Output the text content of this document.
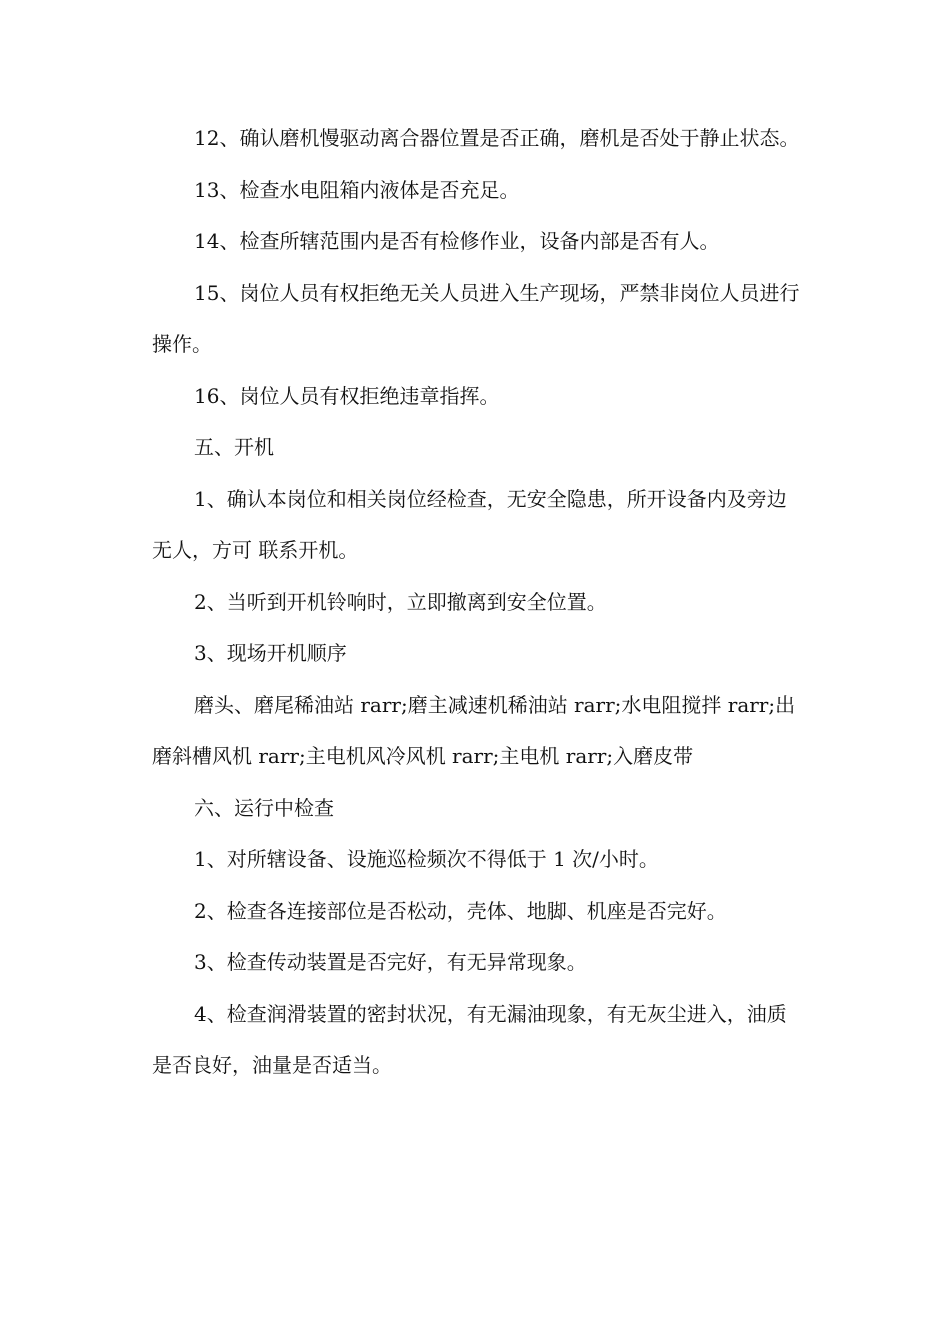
12、确认磨机慢驱动离合器位置是否正确，磨机是否处于静止状态。

13、检查水电阻箱内液体是否充足。

14、检查所辖范围内是否有检修作业，设备内部是否有人。

15、岗位人员有权拒绝无关人员进入生产现场，严禁非岗位人员进行操作。

16、岗位人员有权拒绝违章指挥。

五、开机

1、确认本岗位和相关岗位经检查，无安全隐患，所开设备内及旁边无人，方可 联系开机。

2、当听到开机铃响时，立即撤离到安全位置。

3、现场开机顺序

磨头、磨尾稀油站 rarr;磨主减速机稀油站 rarr;水电阻搅拌 rarr;出磨斜槽风机 rarr;主电机风冷风机 rarr;主电机 rarr;入磨皮带

六、运行中检查

1、对所辖设备、设施巡检频次不得低于 1 次/小时。

2、检查各连接部位是否松动，壳体、地脚、机座是否完好。

3、检查传动装置是否完好，有无异常现象。

4、检查润滑装置的密封状况，有无漏油现象，有无灰尘进入，油质是否良好，油量是否适当。
